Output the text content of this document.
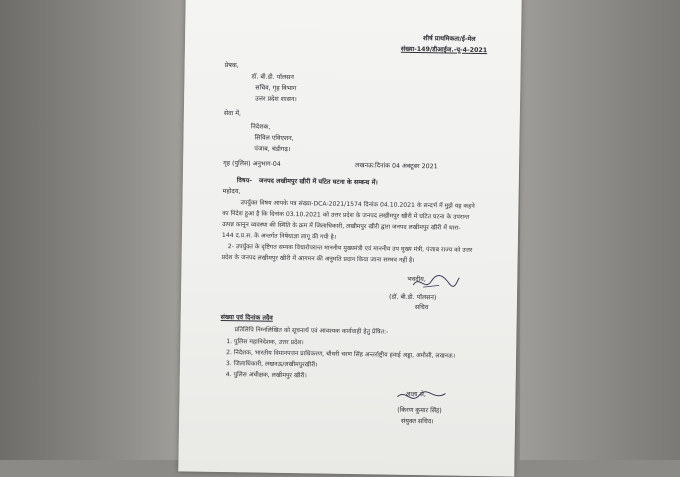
शीर्ष प्राथमिकता/ई-मेल
संख्या-149/डीआईज.-यू-4-2021
प्रेषक,
डॉ. बी.डी. पॉलसन
सचिव, गृह विभाग
उत्तर प्रदेश शासन।
सेवा में,
निदेशक,
सिविल एविएशन,
पंजाब, चंडीगढ़।
गृह (पुलिस) अनुभाग-04	लखनऊ:दिनांक 04 अक्टूबर 2021
विषय- जनपद लखीमपुर खीरी में घटित घटना के सम्बन्ध में।
महोदय,
उपर्युक्त विषय आपके पत्र संख्या-DCA-2021/1574 दिनांक 04.10.2021 के सन्दर्भ में मुझे यह कहने
का निदेश हुआ है कि दिनांक 03.10.2021 को उत्तर प्रदेश के जनपद लखीमपुर खीरी में घटित घटना के उपरान्त
उत्पन्न कानून व्यवस्था की स्थिति के क्रम में जिलाधिकारी, लखीमपुर खीरी द्वारा जनपद लखीमपुर खीरी में धारा-
144 द.प्र.स. के अन्तर्गत निषेधाज्ञा लागू की गयी है।
2- उपर्युक्त के दृष्टिगत सम्यक विचारोपरान्त माननीय मुख्यमंत्री एवं माननीय उप मुख्य मंत्री, पंजाब राज्य को उत्तर
प्रदेश के जनपद लखीमपुर खीरी में आगमन की अनुमति प्रदान किया जाना सम्भव नहीं है।
भवदीय,
(डॉ. बी.डी. पॉलसन)
सचिव
संख्या एवं दिनांक तदैव
प्रतिलिपि निम्नलिखित को सूचनार्थ एवं आवश्यक कार्यवाही हेतु प्रेषित:-
1. पुलिस महानिदेशक, उत्तर प्रदेश।
2. निदेशक, भारतीय विमानपत्तन प्राधिकरण, चौधरी चरण सिंह अन्तर्राष्ट्रीय हवाई अड्डा, अमौसी, लखनऊ।
3. जिलाधिकारी, लखनऊ/लखीमपुरखीरी।
4. पुलिस अधीक्षक, लखीमपुर खीरी।
आज्ञा से,
(किरण कुमार सिंह)
संयुक्त सचिव।
